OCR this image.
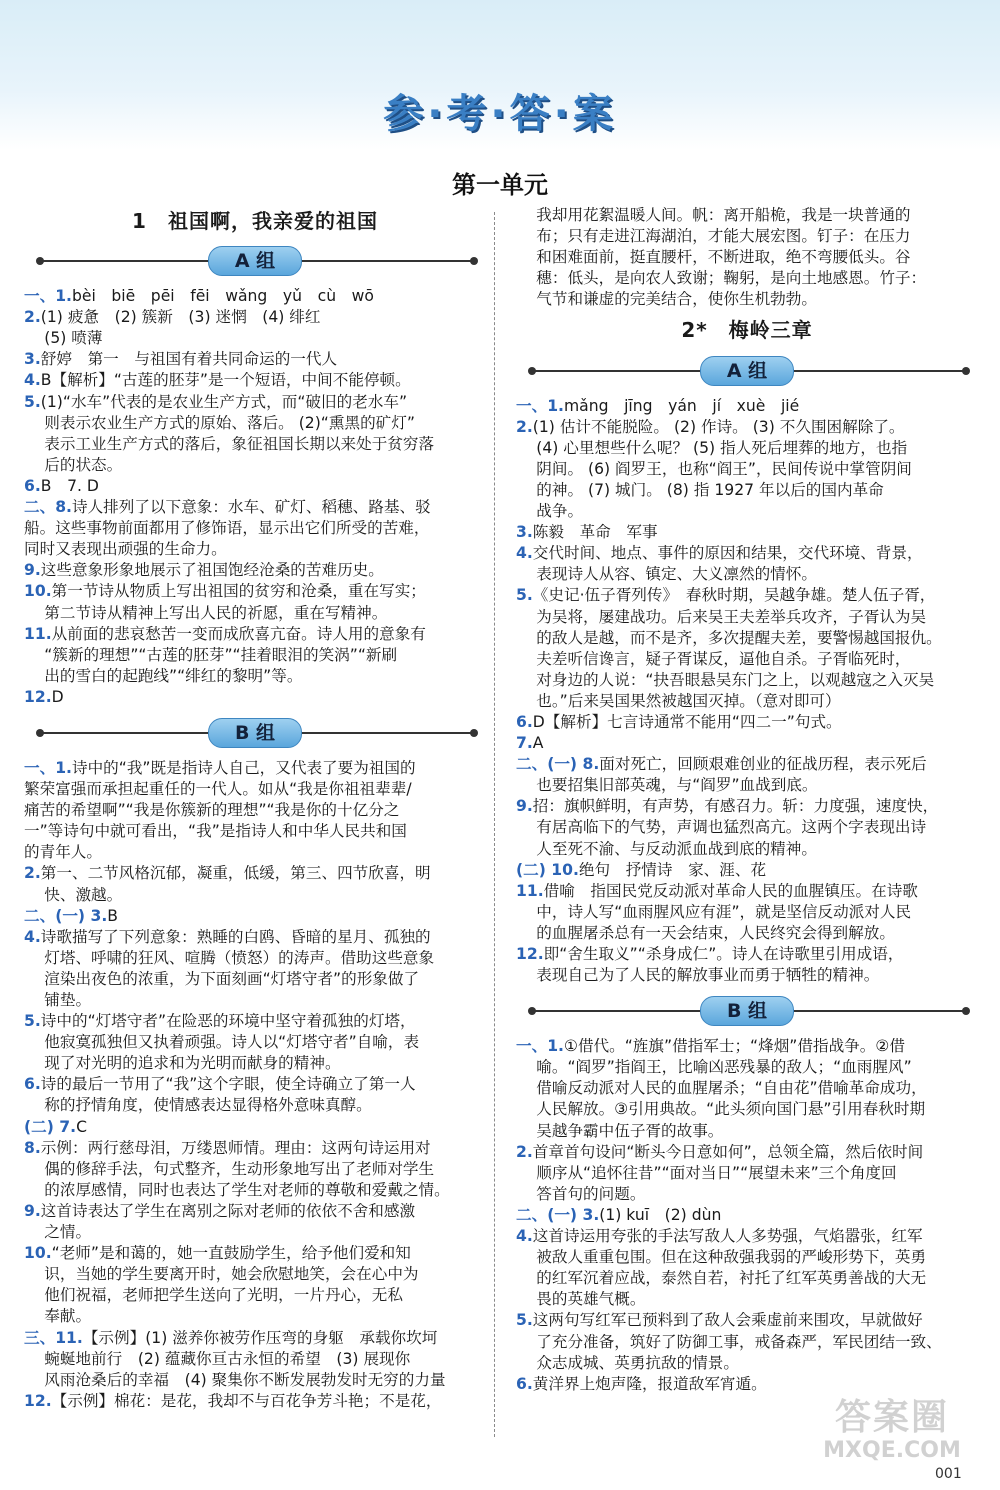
参·考·答·案
第一单元
1　祖国啊，我亲爱的祖国
A 组

一、1.bèi　biē　pēi　fēi　wǎng　yǔ　cù　wō

2.(1) 疲惫　(2) 簇新　(3) 迷惘　(4) 绯红

(5) 喷薄

3.舒婷　第一　与祖国有着共同命运的一代人

4.B【解析】“古莲的胚芽”是一个短语，中间不能停顿。

5.(1)“水车”代表的是农业生产方式，而“破旧的老水车”

则表示农业生产方式的原始、落后。 (2)“熏黑的矿灯”

表示工业生产方式的落后，象征祖国长期以来处于贫穷落

后的状态。

6.B　7. D

二、8.诗人排列了以下意象：水车、矿灯、稻穗、路基、驳

船。这些事物前面都用了修饰语，显示出它们所受的苦难，

同时又表现出顽强的生命力。

9.这些意象形象地展示了祖国饱经沧桑的苦难历史。

10.第一节诗从物质上写出祖国的贫穷和沧桑，重在写实；

第二节诗从精神上写出人民的祈愿，重在写精神。

11.从前面的悲哀愁苦一变而成欣喜亢奋。诗人用的意象有

“簇新的理想”“古莲的胚芽”“挂着眼泪的笑涡”“新刷

出的雪白的起跑线”“绯红的黎明”等。

12.D

B 组

一、1.诗中的“我”既是指诗人自己，又代表了要为祖国的

繁荣富强而承担起重任的一代人。如从“我是你祖祖辈辈/

痛苦的希望啊”“我是你簇新的理想”“我是你的十亿分之

一”等诗句中就可看出，“我”是指诗人和中华人民共和国

的青年人。

2.第一、二节风格沉郁，凝重，低缓，第三、四节欣喜，明

快、激越。

二、(一) 3.B

4.诗歌描写了下列意象：熟睡的白鸥、昏暗的星月、孤独的

灯塔、呼啸的狂风、喧腾（愤怒）的涛声。借助这些意象

渲染出夜色的浓重，为下面刻画“灯塔守者”的形象做了

铺垫。

5.诗中的“灯塔守者”在险恶的环境中坚守着孤独的灯塔，

他寂寞孤独但又执着顽强。诗人以“灯塔守者”自喻，表

现了对光明的追求和为光明而献身的精神。

6.诗的最后一节用了“我”这个字眼，使全诗确立了第一人

称的抒情角度，使情感表达显得格外意味真醇。

(二) 7.C

8.示例：两行慈母泪，万缕恩师情。理由：这两句诗运用对

偶的修辞手法，句式整齐，生动形象地写出了老师对学生

的浓厚感情，同时也表达了学生对老师的尊敬和爱戴之情。

9.这首诗表达了学生在离别之际对老师的依依不舍和感激

之情。

10.“老师”是和蔼的，她一直鼓励学生，给予他们爱和知

识，当她的学生要离开时，她会欣慰地笑，会在心中为

他们祝福，老师把学生送向了光明，一片丹心，无私

奉献。

三、11.【示例】(1) 滋养你被劳作压弯的身躯　承载你坎坷

蜿蜒地前行　(2) 蕴藏你亘古永恒的希望　(3) 展现你

风雨沧桑后的幸福　(4) 聚集你不断发展勃发时无穷的力量

12.【示例】棉花：是花，我却不与百花争芳斗艳；不是花，

我却用花絮温暖人间。帆：离开船桅，我是一块普通的

布；只有走进江海湖泊，才能大展宏图。钉子：在压力

和困难面前，挺直腰杆，不断进取，绝不弯腰低头。谷

穗：低头，是向农人致谢；鞠躬，是向土地感恩。竹子：

气节和谦虚的完美结合，使你生机勃勃。

2*　梅岭三章
A 组

一、1.mǎng　jīng　yán　jí　xuè　jié

2.(1) 估计不能脱险。 (2) 作诗。 (3) 不久围困解除了。

(4) 心里想些什么呢？ (5) 指人死后埋葬的地方，也指

阴间。 (6) 阎罗王，也称“阎王”，民间传说中掌管阴间

的神。 (7) 城门。 (8) 指 1927 年以后的国内革命

战争。

3.陈毅　革命　军事

4.交代时间、地点、事件的原因和结果，交代环境、背景，

表现诗人从容、镇定、大义凛然的情怀。

5.《史记·伍子胥列传》　春秋时期，吴越争雄。楚人伍子胥，

为吴将，屡建战功。后来吴王夫差举兵攻齐，子胥认为吴

的敌人是越，而不是齐，多次提醒夫差，要警惕越国报仇。

夫差听信谗言，疑子胥谋反，逼他自杀。子胥临死时，

对身边的人说：“抉吾眼悬吴东门之上，以观越寇之入灭吴

也。”后来吴国果然被越国灭掉。（意对即可）

6.D【解析】七言诗通常不能用“四二一”句式。

7.A

二、(一) 8.面对死亡，回顾艰难创业的征战历程，表示死后

也要招集旧部英魂，与“阎罗”血战到底。

9.招：旗帜鲜明，有声势，有感召力。斩：力度强，速度快，

有居高临下的气势，声调也猛烈高亢。这两个字表现出诗

人至死不渝、与反动派血战到底的精神。

(二) 10.绝句　抒情诗　家、涯、花

11.借喻　指国民党反动派对革命人民的血腥镇压。在诗歌

中，诗人写“血雨腥风应有涯”，就是坚信反动派对人民

的血腥屠杀总有一天会结束，人民终究会得到解放。

12.即“舍生取义”“杀身成仁”。诗人在诗歌里引用成语，

表现自己为了人民的解放事业而勇于牺牲的精神。

B 组

一、1.①借代。“旌旗”借指军士；“烽烟”借指战争。②借

喻。“阎罗”指阎王，比喻凶恶残暴的敌人；“血雨腥风”

借喻反动派对人民的血腥屠杀；“自由花”借喻革命成功，

人民解放。③引用典故。“此头须向国门悬”引用春秋时期

吴越争霸中伍子胥的故事。

2.首章首句设问“断头今日意如何”，总领全篇，然后依时间

顺序从“追怀往昔”“面对当日”“展望未来”三个角度回

答首句的问题。

二、(一) 3.(1) kuī　(2) dùn

4.这首诗运用夸张的手法写敌人人多势强，气焰嚣张，红军

被敌人重重包围。但在这种敌强我弱的严峻形势下，英勇

的红军沉着应战，泰然自若，衬托了红军英勇善战的大无

畏的英雄气概。

5.这两句写红军已预料到了敌人会乘虚前来围攻，早就做好

了充分准备，筑好了防御工事，戒备森严，军民团结一致、

众志成城、英勇抗敌的情景。

6.黄洋界上炮声隆，报道敌军宵遁。

答案圈
MXQE.COM
001
